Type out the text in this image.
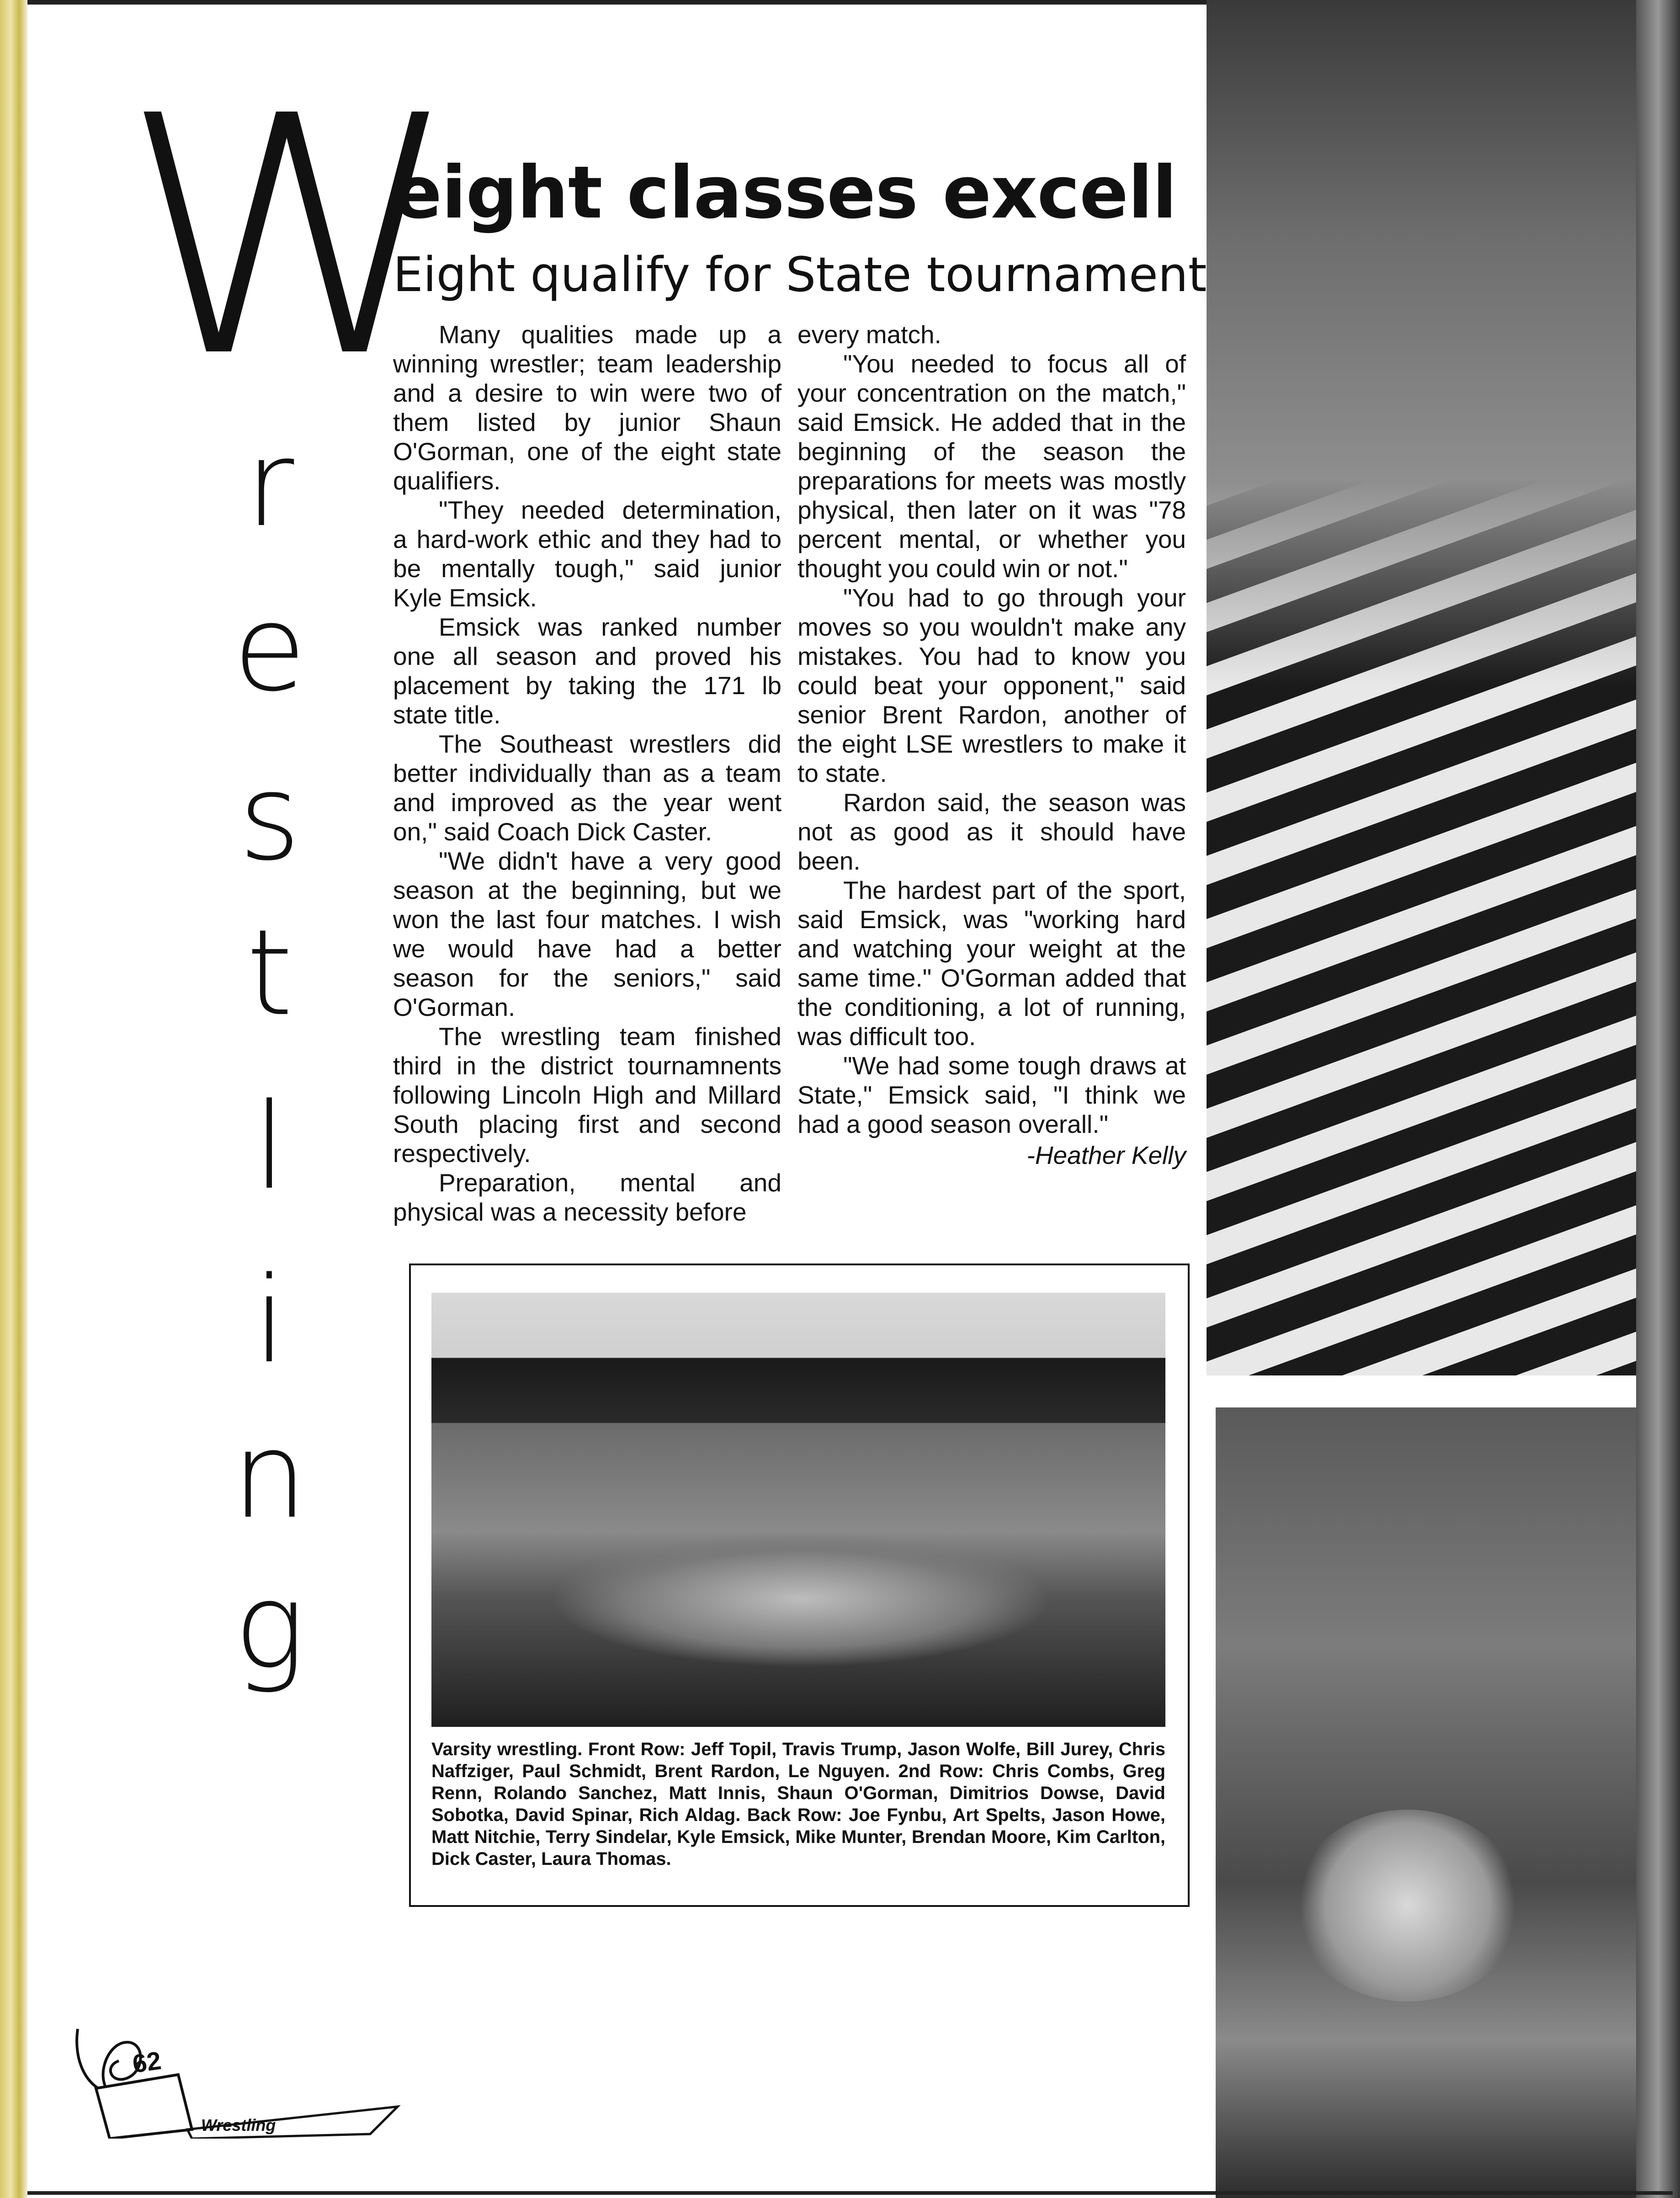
W
r
e
s
t
l
i
n
g
eight classes excell
Eight qualify for State tournament

Many qualities made up a winning wrestler; team leadership and a desire to win were two of them listed by junior Shaun O'Gorman, one of the eight state qualifiers.

"They needed determination, a hard-work ethic and they had to be mentally tough," said junior Kyle Emsick.

Emsick was ranked number one all season and proved his placement by taking the 171 lb state title.

The Southeast wrestlers did better individually than as a team and improved as the year went on," said Coach Dick Caster.

"We didn't have a very good season at the beginning, but we won the last four matches. I wish we would have had a better season for the seniors," said O'Gorman.

The wrestling team finished third in the district tournamnents following Lincoln High and Millard South placing first and second respectively.

Preparation, mental and physical was a necessity before

every match.

"You needed to focus all of your concentration on the match," said Emsick. He added that in the beginning of the season the preparations for meets was mostly physical, then later on it was "78 percent mental, or whether you thought you could win or not."

"You had to go through your moves so you wouldn't make any mistakes. You had to know you could beat your opponent," said senior Brent Rardon, another of the eight LSE wrestlers to make it to state.

Rardon said, the season was not as good as it should have been.

The hardest part of the sport, said Emsick, was "working hard and watching your weight at the same time." O'Gorman added that the conditioning, a lot of running, was difficult too.

"We had some tough draws at State," Emsick said, "I think we had a good season overall."

-Heather Kelly
Varsity wrestling. Front Row: Jeff Topil, Travis Trump, Jason Wolfe, Bill Jurey, Chris Naffziger, Paul Schmidt, Brent Rardon, Le Nguyen. 2nd Row: Chris Combs, Greg Renn, Rolando Sanchez, Matt Innis, Shaun O'Gorman, Dimitrios Dowse, David Sobotka, David Spinar, Rich Aldag. Back Row: Joe Fynbu, Art Spelts, Jason Howe, Matt Nitchie, Terry Sindelar, Kyle Emsick, Mike Munter, Brendan Moore, Kim Carlton, Dick Caster, Laura Thomas.
62
Wrestling
